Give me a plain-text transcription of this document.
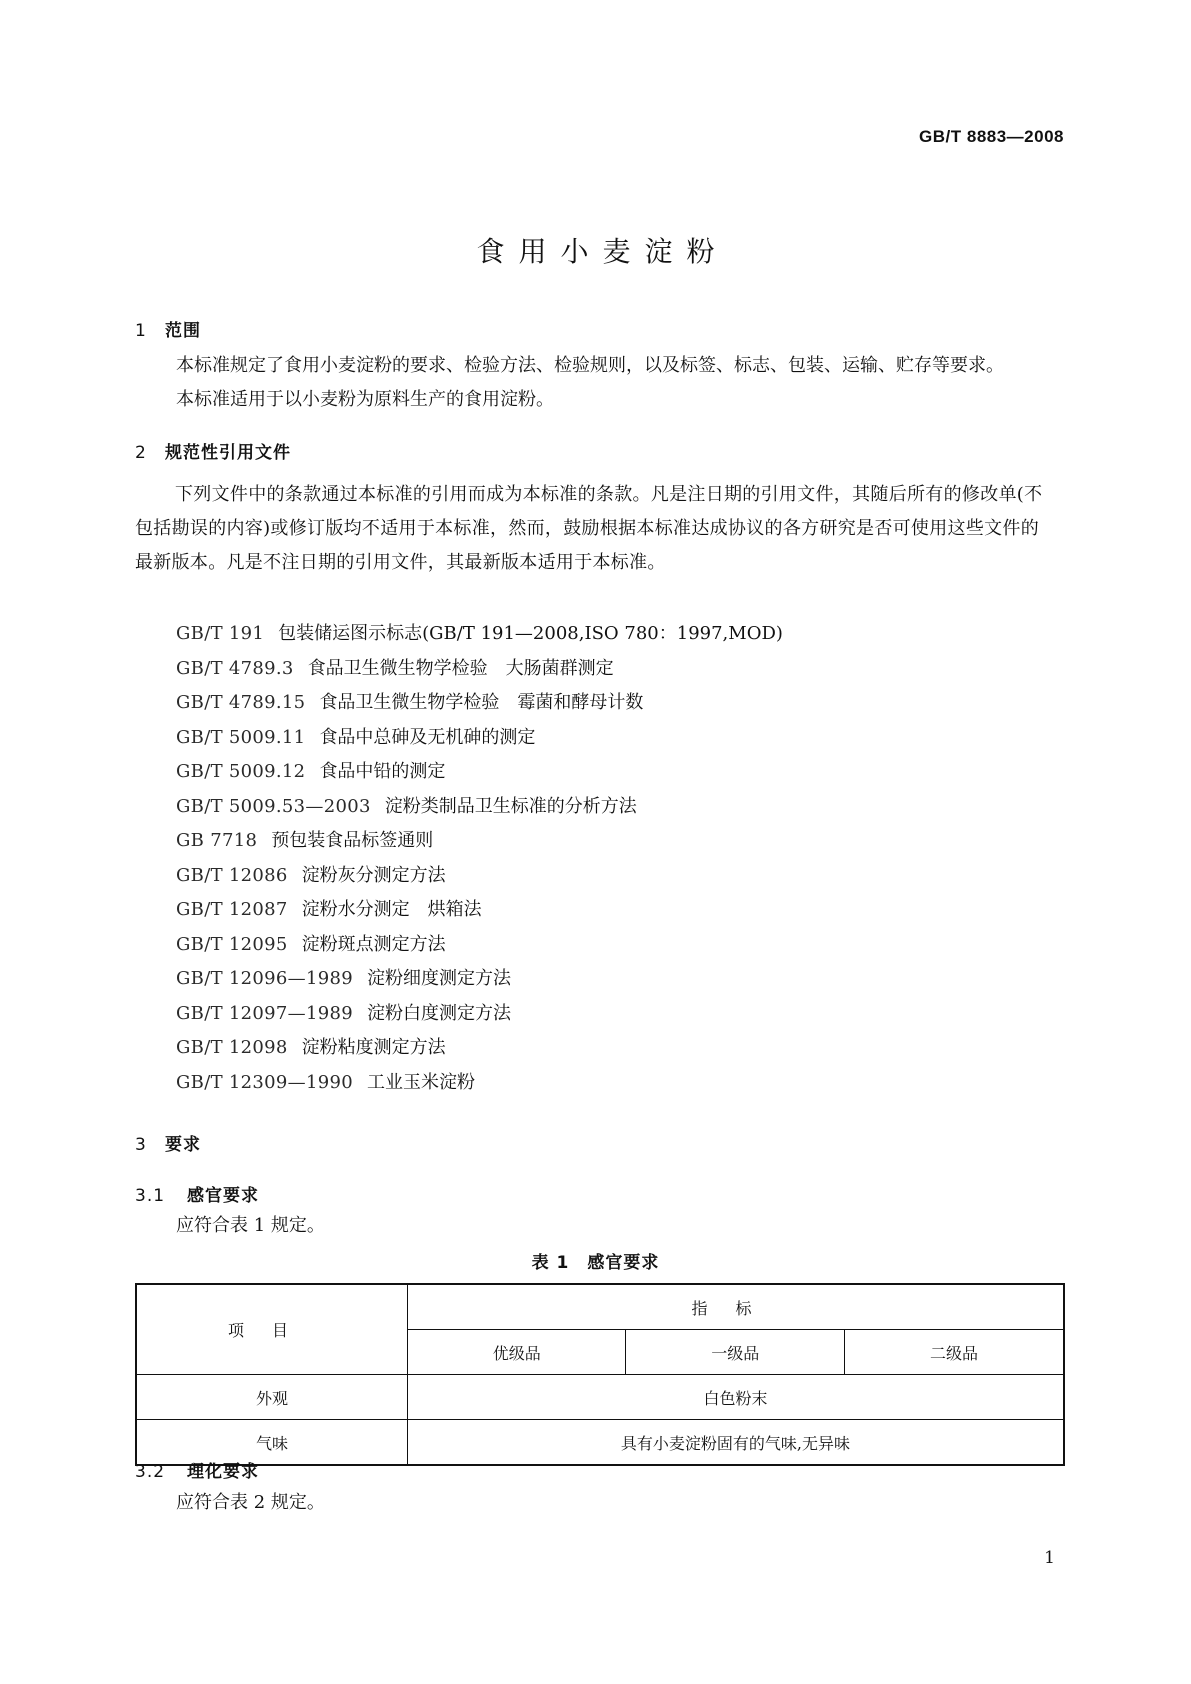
GB/T 8883—2008
食用小麦淀粉
1 范围
本标准规定了食用小麦淀粉的要求、检验方法、检验规则，以及标签、标志、包装、运输、贮存等要求。
本标准适用于以小麦粉为原料生产的食用淀粉。
2 规范性引用文件
下列文件中的条款通过本标准的引用而成为本标准的条款。凡是注日期的引用文件，其随后所有的修改单(不包括勘误的内容)或修订版均不适用于本标准，然而，鼓励根据本标准达成协议的各方研究是否可使用这些文件的最新版本。凡是不注日期的引用文件，其最新版本适用于本标准。
GB/T 191 包装储运图示标志(GB/T 191—2008,ISO 780：1997,MOD)
GB/T 4789.3 食品卫生微生物学检验　大肠菌群测定
GB/T 4789.15 食品卫生微生物学检验　霉菌和酵母计数
GB/T 5009.11 食品中总砷及无机砷的测定
GB/T 5009.12 食品中铅的测定
GB/T 5009.53—2003 淀粉类制品卫生标准的分析方法
GB 7718 预包装食品标签通则
GB/T 12086 淀粉灰分测定方法
GB/T 12087 淀粉水分测定　烘箱法
GB/T 12095 淀粉斑点测定方法
GB/T 12096—1989 淀粉细度测定方法
GB/T 12097—1989 淀粉白度测定方法
GB/T 12098 淀粉粘度测定方法
GB/T 12309—1990 工业玉米淀粉
3 要求
3.1 感官要求
应符合表 1 规定。
表 1 感官要求
项目	指标		
	优级品	一级品	二级品
外观	白色粉末		
气味	具有小麦淀粉固有的气味,无异味		
3.2 理化要求
应符合表 2 规定。
1
